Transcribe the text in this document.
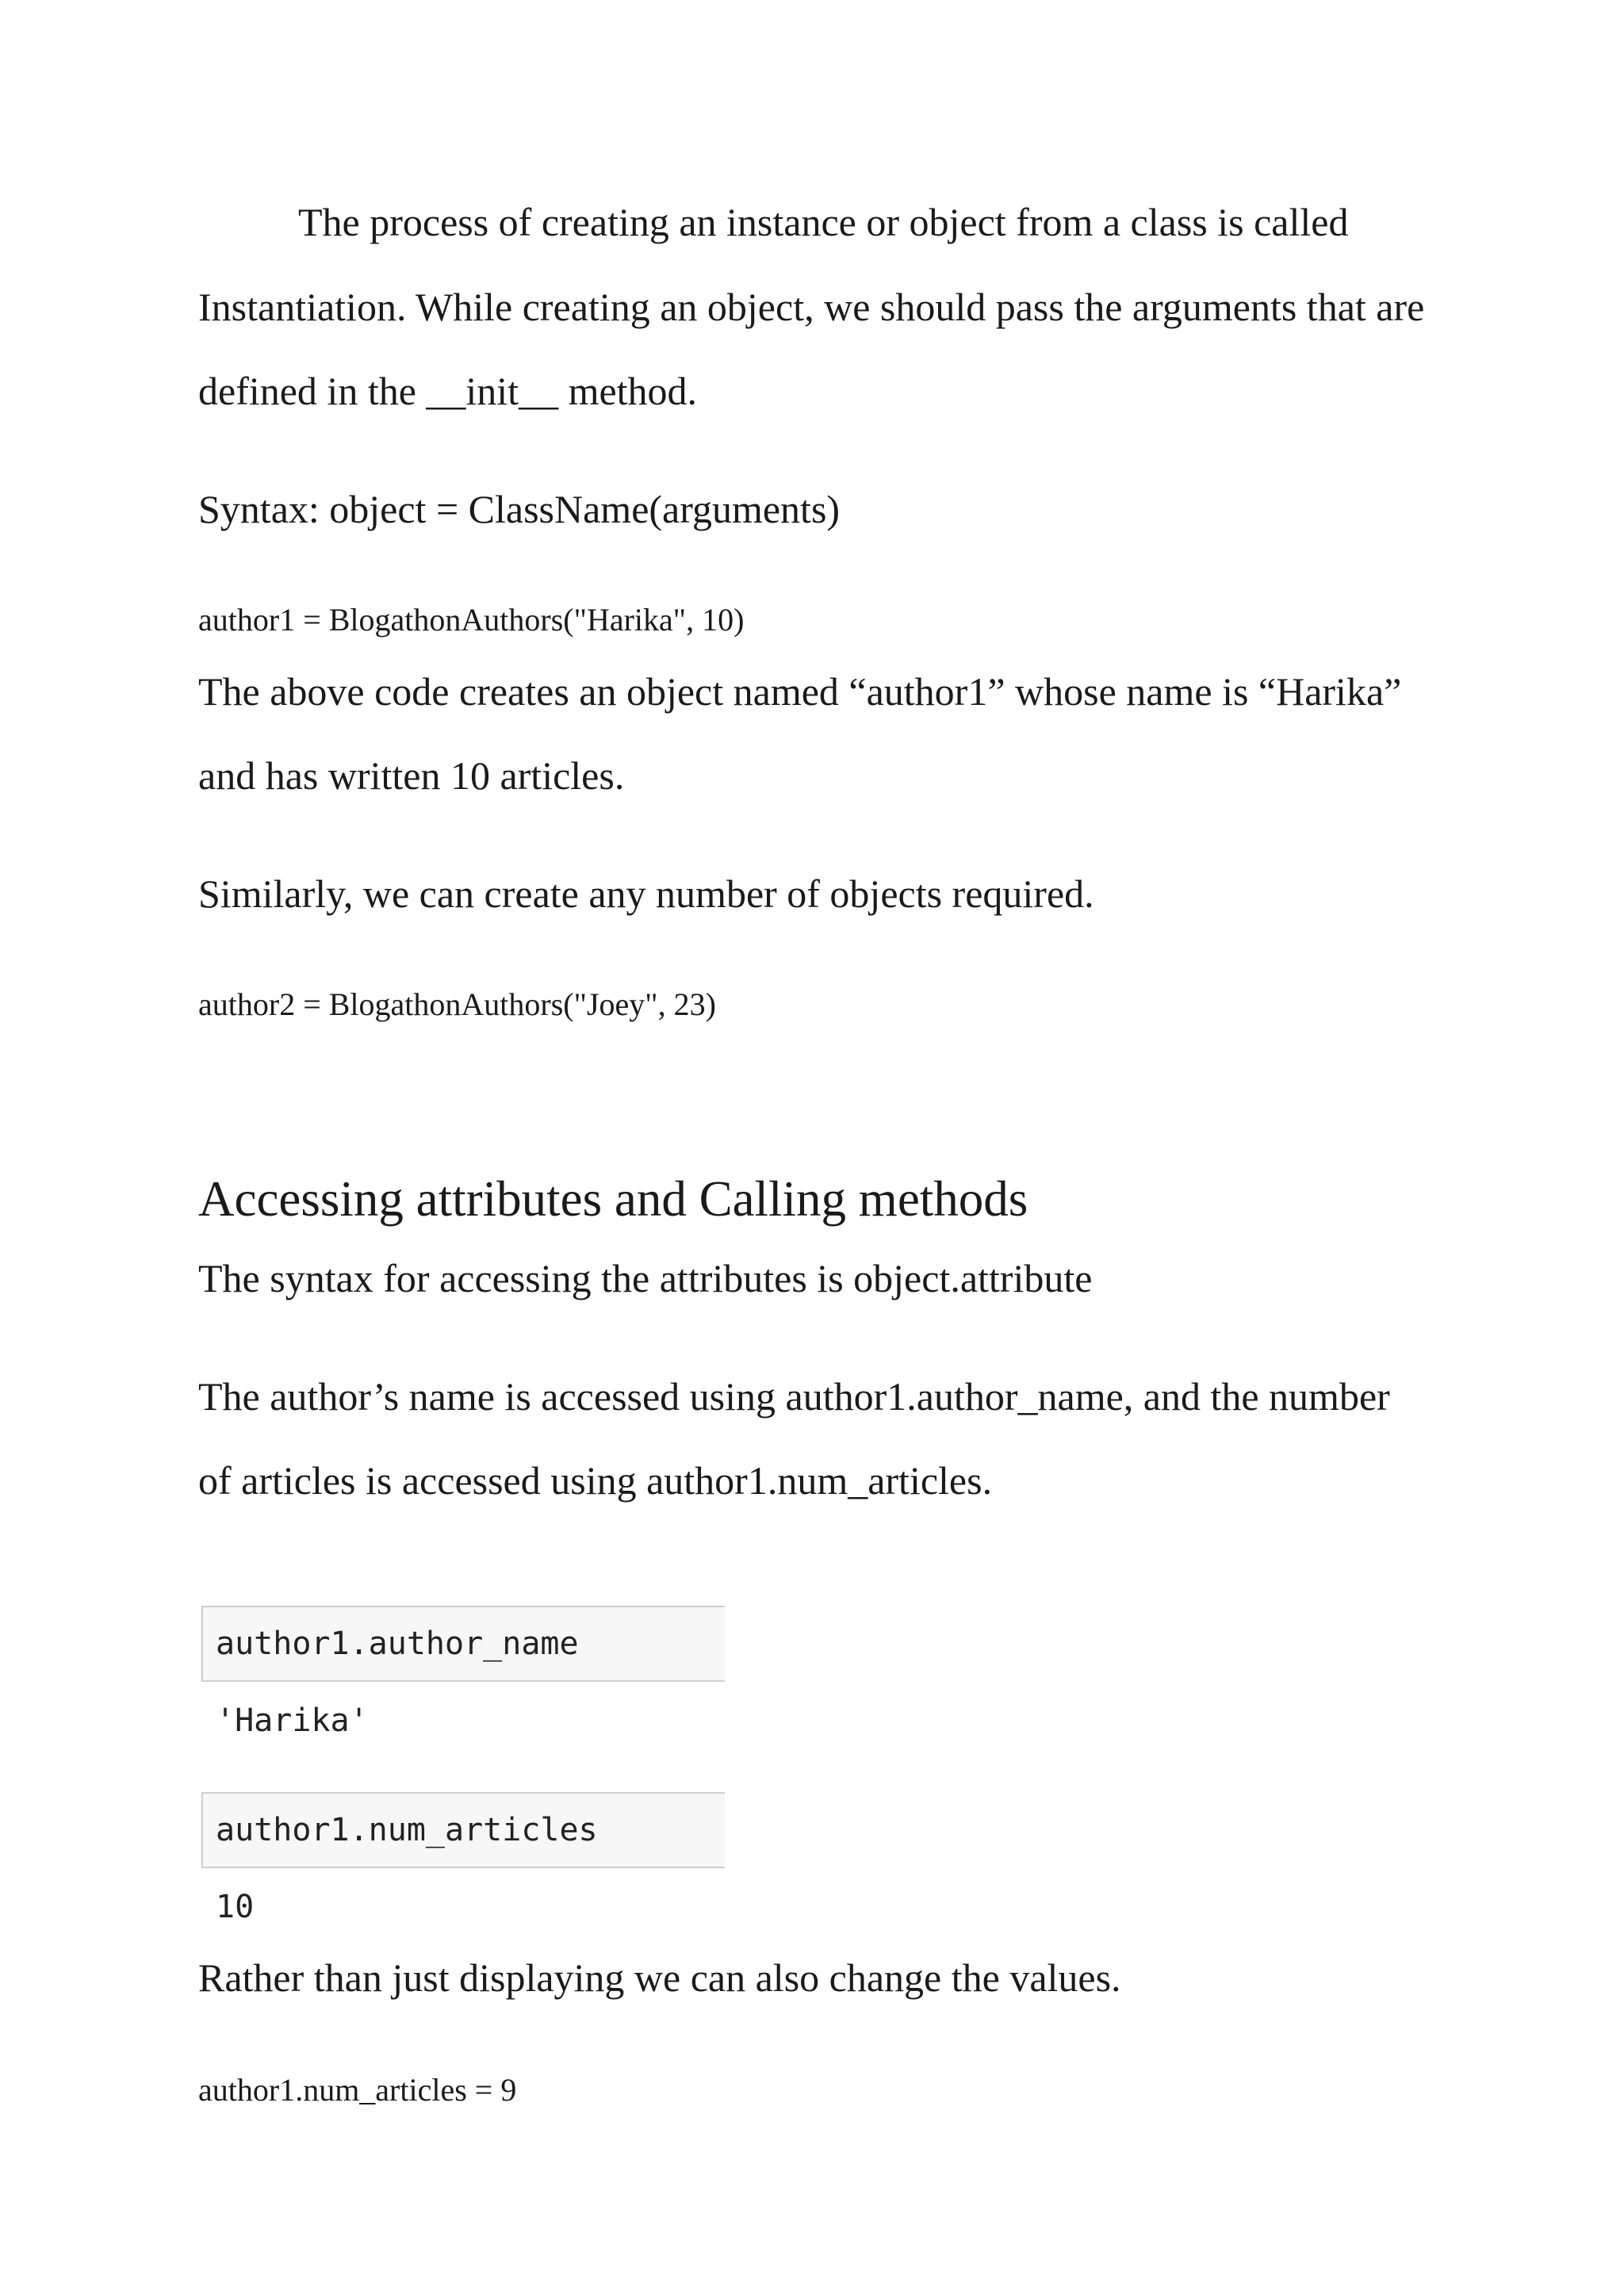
The process of creating an instance or object from a class is called
Instantiation. While creating an object, we should pass the arguments that are
defined in the __init__ method.
Syntax: object = ClassName(arguments)
author1 = BlogathonAuthors("Harika", 10)
The above code creates an object named “author1” whose name is “Harika”
and has written 10 articles.
Similarly, we can create any number of objects required.
author2 = BlogathonAuthors("Joey", 23)
Accessing attributes and Calling methods
The syntax for accessing the attributes is object.attribute
The author’s name is accessed using author1.author_name, and the number
of articles is accessed using author1.num_articles.
author1.author_name
'Harika'
author1.num_articles
10
Rather than just displaying we can also change the values.
author1.num_articles = 9
